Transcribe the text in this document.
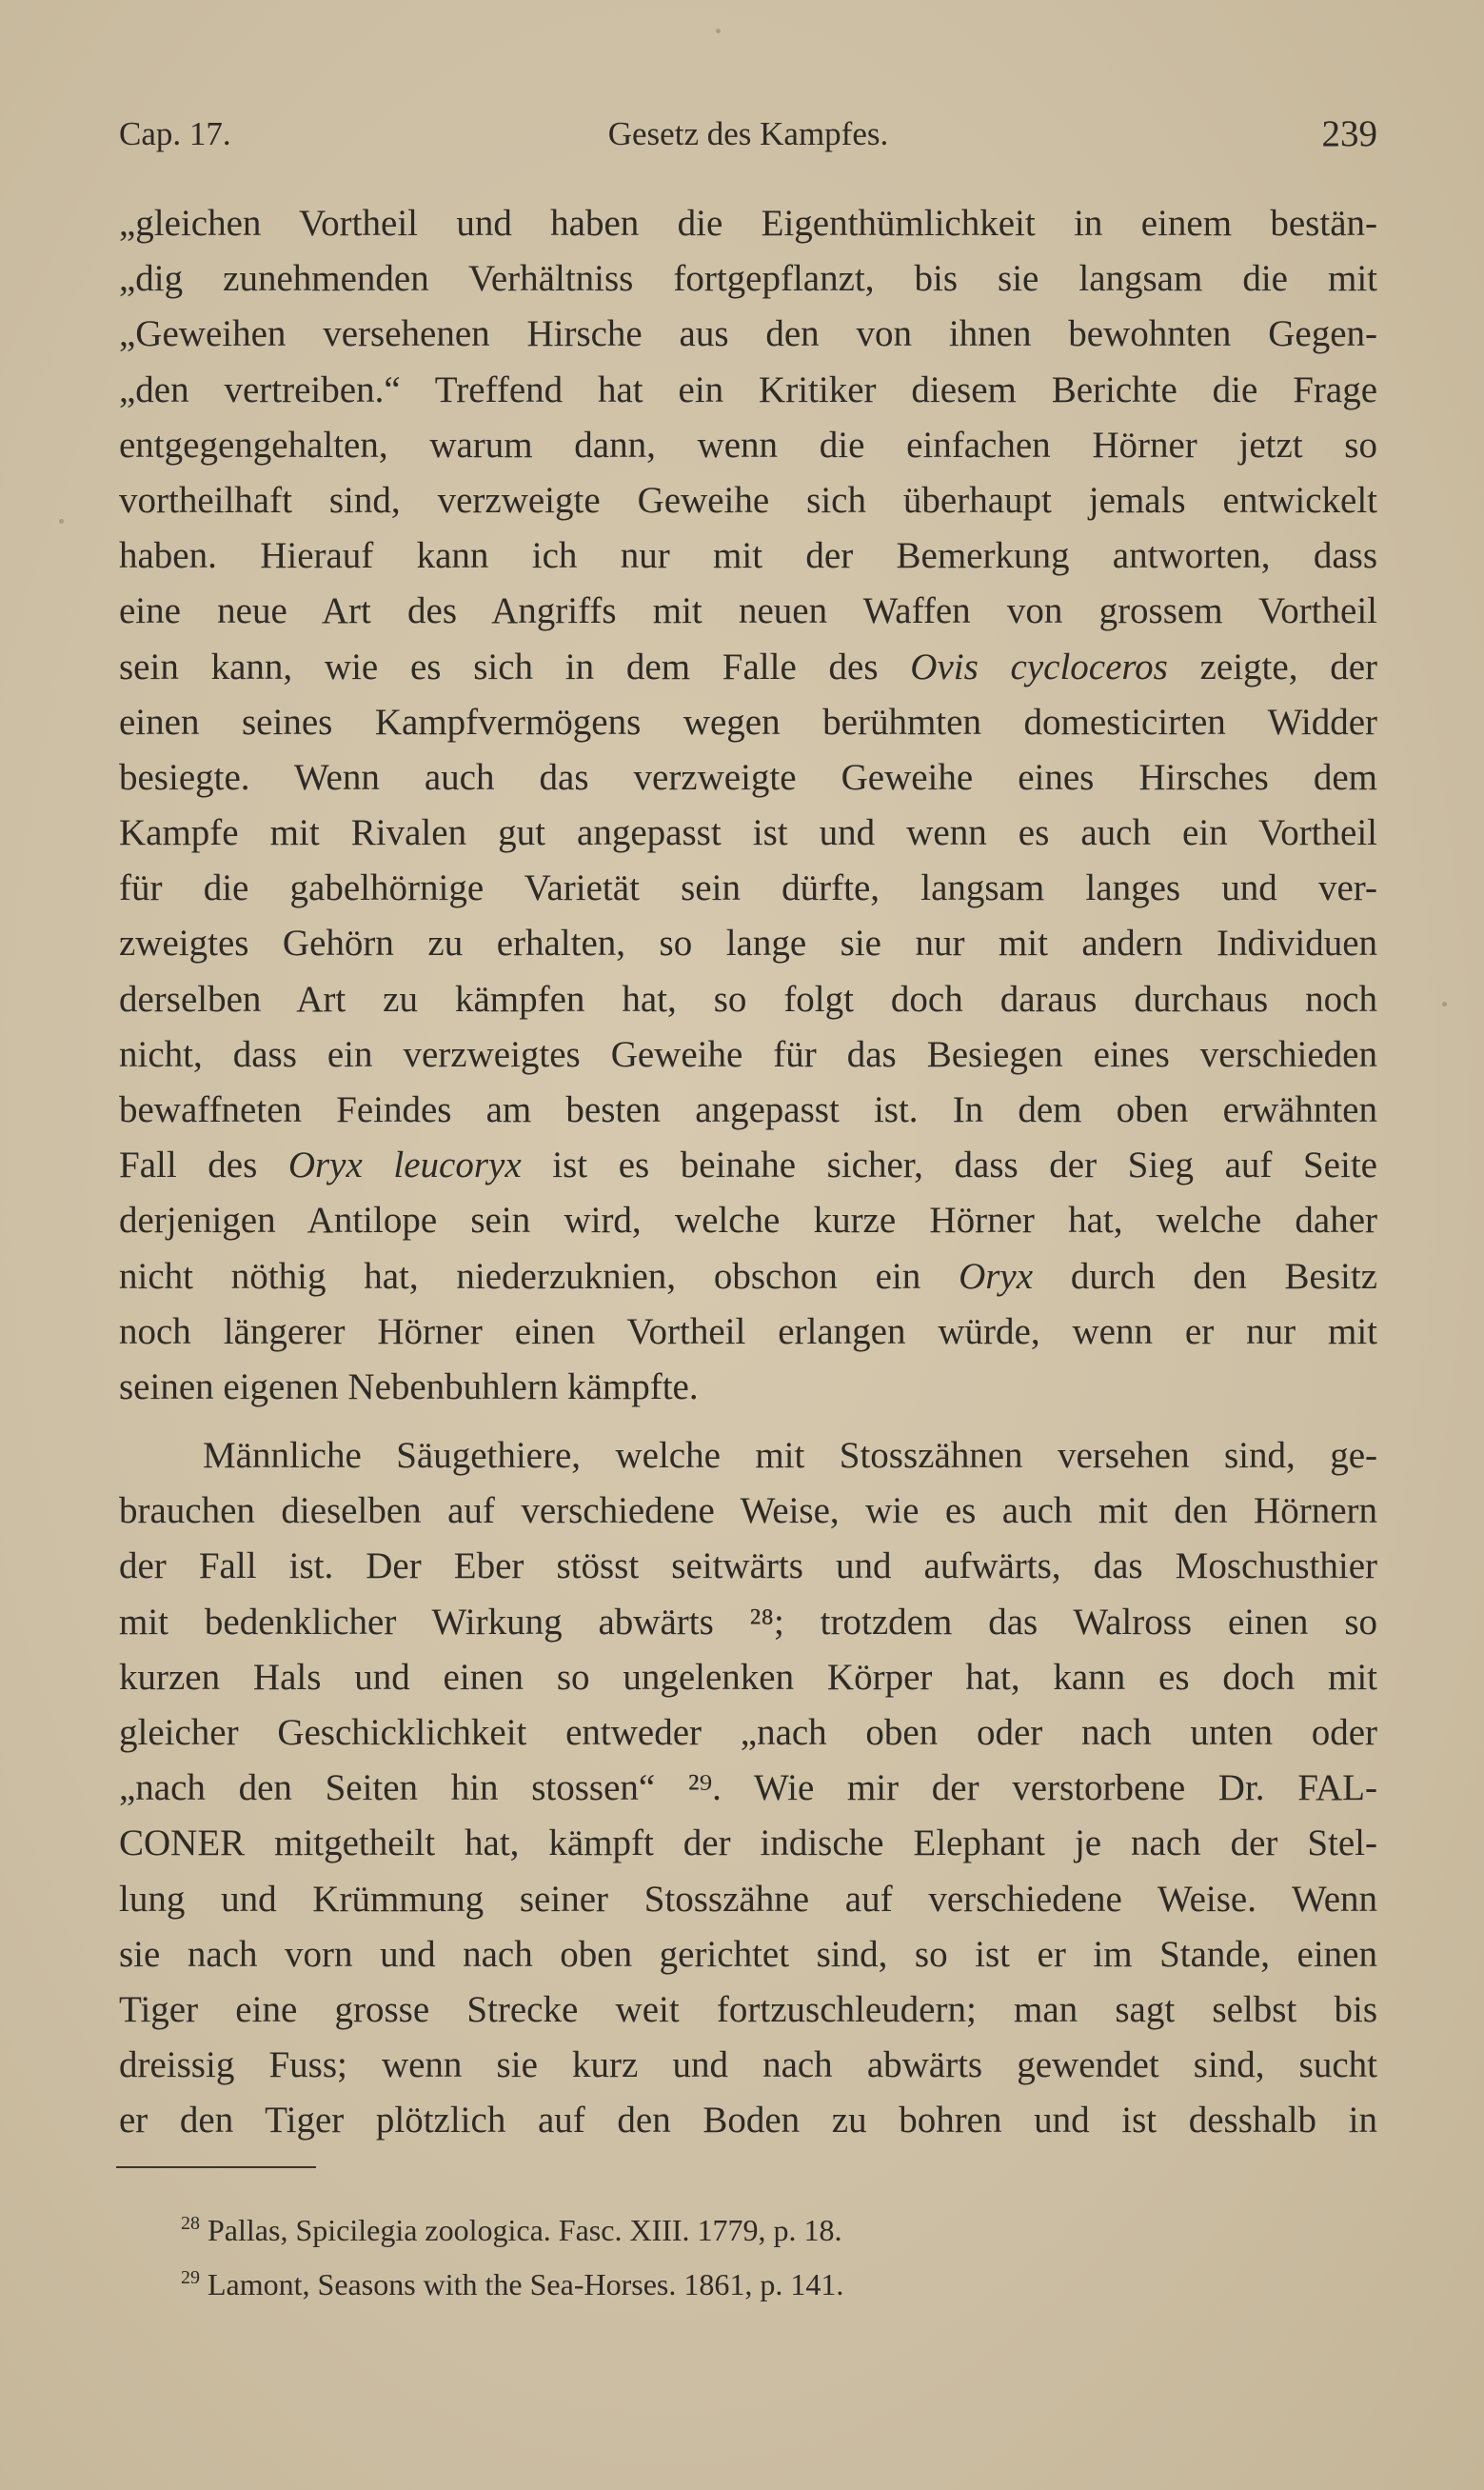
Cap. 17.	Gesetz des Kampfes.	239
„gleichen Vortheil und haben die Eigenthümlichkeit in einem bestän-
„dig zunehmenden Verhältniss fortgepflanzt, bis sie langsam die mit
„Geweihen versehenen Hirsche aus den von ihnen bewohnten Gegen-
„den vertreiben.“ Treffend hat ein Kritiker diesem Berichte die Frage
entgegengehalten, warum dann, wenn die einfachen Hörner jetzt so
vortheilhaft sind, verzweigte Geweihe sich überhaupt jemals entwickelt
haben. Hierauf kann ich nur mit der Bemerkung antworten, dass
eine neue Art des Angriffs mit neuen Waffen von grossem Vortheil
sein kann, wie es sich in dem Falle des Ovis cycloceros zeigte, der
einen seines Kampfvermögens wegen berühmten domesticirten Widder
besiegte. Wenn auch das verzweigte Geweihe eines Hirsches dem
Kampfe mit Rivalen gut angepasst ist und wenn es auch ein Vortheil
für die gabelhörnige Varietät sein dürfte, langsam langes und ver-
zweigtes Gehörn zu erhalten, so lange sie nur mit andern Individuen
derselben Art zu kämpfen hat, so folgt doch daraus durchaus noch
nicht, dass ein verzweigtes Geweihe für das Besiegen eines verschieden
bewaffneten Feindes am besten angepasst ist. In dem oben erwähnten
Fall des Oryx leucoryx ist es beinahe sicher, dass der Sieg auf Seite
derjenigen Antilope sein wird, welche kurze Hörner hat, welche daher
nicht nöthig hat, niederzuknien, obschon ein Oryx durch den Besitz
noch längerer Hörner einen Vortheil erlangen würde, wenn er nur mit
seinen eigenen Nebenbuhlern kämpfte.
Männliche Säugethiere, welche mit Stosszähnen versehen sind, ge-
brauchen dieselben auf verschiedene Weise, wie es auch mit den Hörnern
der Fall ist. Der Eber stösst seitwärts und aufwärts, das Moschusthier
mit bedenklicher Wirkung abwärts ²⁸; trotzdem das Walross einen so
kurzen Hals und einen so ungelenken Körper hat, kann es doch mit
gleicher Geschicklichkeit entweder „nach oben oder nach unten oder
„nach den Seiten hin stossen“ ²⁹. Wie mir der verstorbene Dr. FAL-
CONER mitgetheilt hat, kämpft der indische Elephant je nach der Stel-
lung und Krümmung seiner Stosszähne auf verschiedene Weise. Wenn
sie nach vorn und nach oben gerichtet sind, so ist er im Stande, einen
Tiger eine grosse Strecke weit fortzuschleudern; man sagt selbst bis
dreissig Fuss; wenn sie kurz und nach abwärts gewendet sind, sucht
er den Tiger plötzlich auf den Boden zu bohren und ist desshalb in
$^{28}$ Pallas, Spicilegia zoologica. Fasc. XIII. 1779, p. 18.
$^{29}$ Lamont, Seasons with the Sea-Horses. 1861, p. 141.
